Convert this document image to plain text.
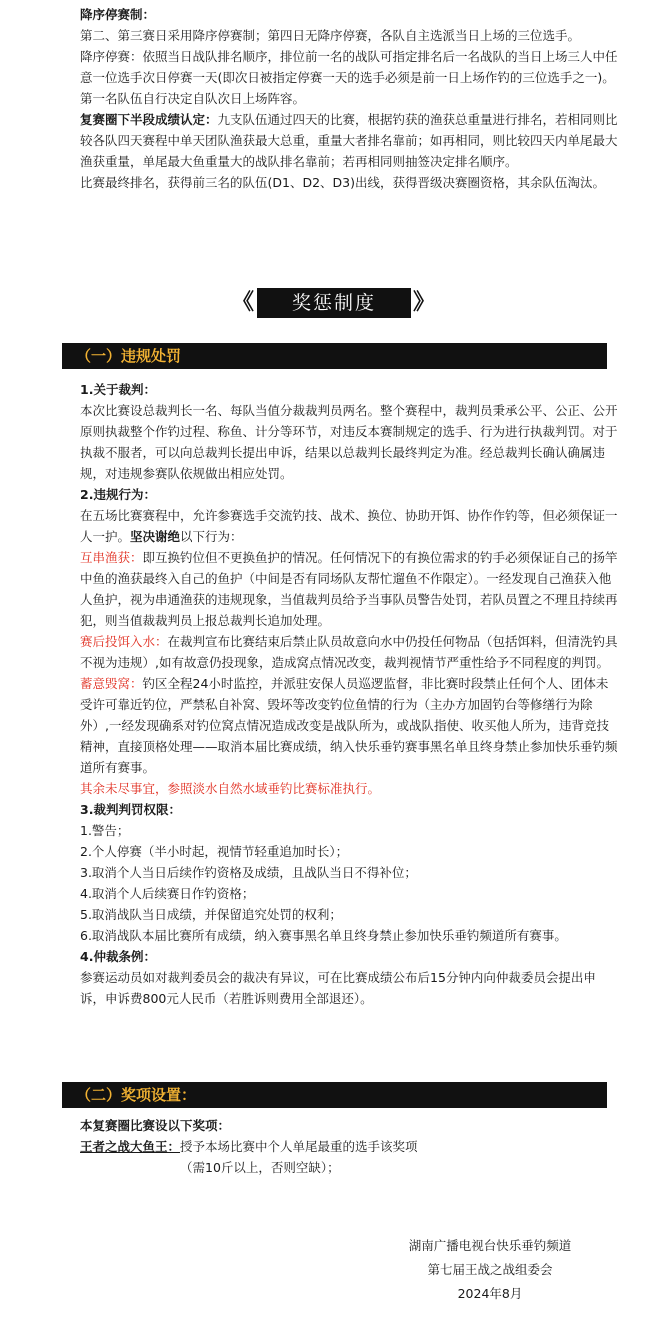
降序停赛制：

第二、第三赛日采用降序停赛制；第四日无降序停赛，各队自主选派当日上场的三位选手。

降序停赛：依照当日战队排名顺序，排位前一名的战队可指定排名后一名战队的当日上场三人中任意一位选手次日停赛一天(即次日被指定停赛一天的选手必须是前一日上场作钓的三位选手之一)。第一名队伍自行决定自队次日上场阵容。

复赛圈下半段成绩认定：九支队伍通过四天的比赛，根据钓获的渔获总重量进行排名，若相同则比较各队四天赛程中单天团队渔获最大总重，重量大者排名靠前；如再相同，则比较四天内单尾最大渔获重量，单尾最大鱼重量大的战队排名靠前；若再相同则抽签决定排名顺序。

比赛最终排名，获得前三名的队伍(D1、D2、D3)出线，获得晋级决赛圈资格，其余队伍淘汰。

《	奖惩制度	》
（一）违规处罚

1.关于裁判：

本次比赛设总裁判长一名、每队当值分裁裁判员两名。整个赛程中，裁判员秉承公平、公正、公开原则执裁整个作钓过程、称鱼、计分等环节，对违反本赛制规定的选手、行为进行执裁判罚。对于执裁不服者，可以向总裁判长提出申诉，结果以总裁判长最终判定为准。经总裁判长确认确属违规，对违规参赛队依规做出相应处罚。

2.违规行为：

在五场比赛赛程中，允许参赛选手交流钓技、战术、换位、协助开饵、协作作钓等，但必须保证一人一护。坚决谢绝以下行为：

互串渔获：即互换钓位但不更换鱼护的情况。任何情况下的有换位需求的钓手必须保证自己的扬竿中鱼的渔获最终入自己的鱼护（中间是否有同场队友帮忙遛鱼不作限定）。一经发现自己渔获入他人鱼护，视为串通渔获的违规现象，当值裁判员给予当事队员警告处罚，若队员置之不理且持续再犯，则当值裁裁判员上报总裁判长追加处理。

赛后投饵入水：在裁判宣布比赛结束后禁止队员故意向水中仍投任何物品（包括饵料，但清洗钓具不视为违规）,如有故意仍投现象，造成窝点情况改变，裁判视情节严重性给予不同程度的判罚。

蓄意毁窝：钓区全程24小时监控，并派驻安保人员巡逻监督，非比赛时段禁止任何个人、团体未受许可靠近钓位，严禁私自补窝、毁坏等改变钓位鱼情的行为（主办方加固钓台等修缮行为除外）,一经发现确系对钓位窝点情况造成改变是战队所为，或战队指使、收买他人所为，违背竞技精神，直接顶格处理——取消本届比赛成绩，纳入快乐垂钓赛事黑名单且终身禁止参加快乐垂钓频道所有赛事。

其余未尽事宜，参照淡水自然水域垂钓比赛标准执行。

3.裁判判罚权限：

1.警告；

2.个人停赛（半小时起，视情节轻重追加时长）；

3.取消个人当日后续作钓资格及成绩，且战队当日不得补位；

4.取消个人后续赛日作钓资格；

5.取消战队当日成绩，并保留追究处罚的权利；

6.取消战队本届比赛所有成绩，纳入赛事黑名单且终身禁止参加快乐垂钓频道所有赛事。

4.仲裁条例：

参赛运动员如对裁判委员会的裁决有异议，可在比赛成绩公布后15分钟内向仲裁委员会提出申诉，申诉费800元人民币（若胜诉则费用全部退还）。

（二）奖项设置：

本复赛圈比赛设以下奖项：

王者之战大鱼王：授予本场比赛中个人单尾最重的选手该奖项

（需10斤以上，否则空缺）；

湖南广播电视台快乐垂钓频道
第七届王战之战组委会
2024年8月
